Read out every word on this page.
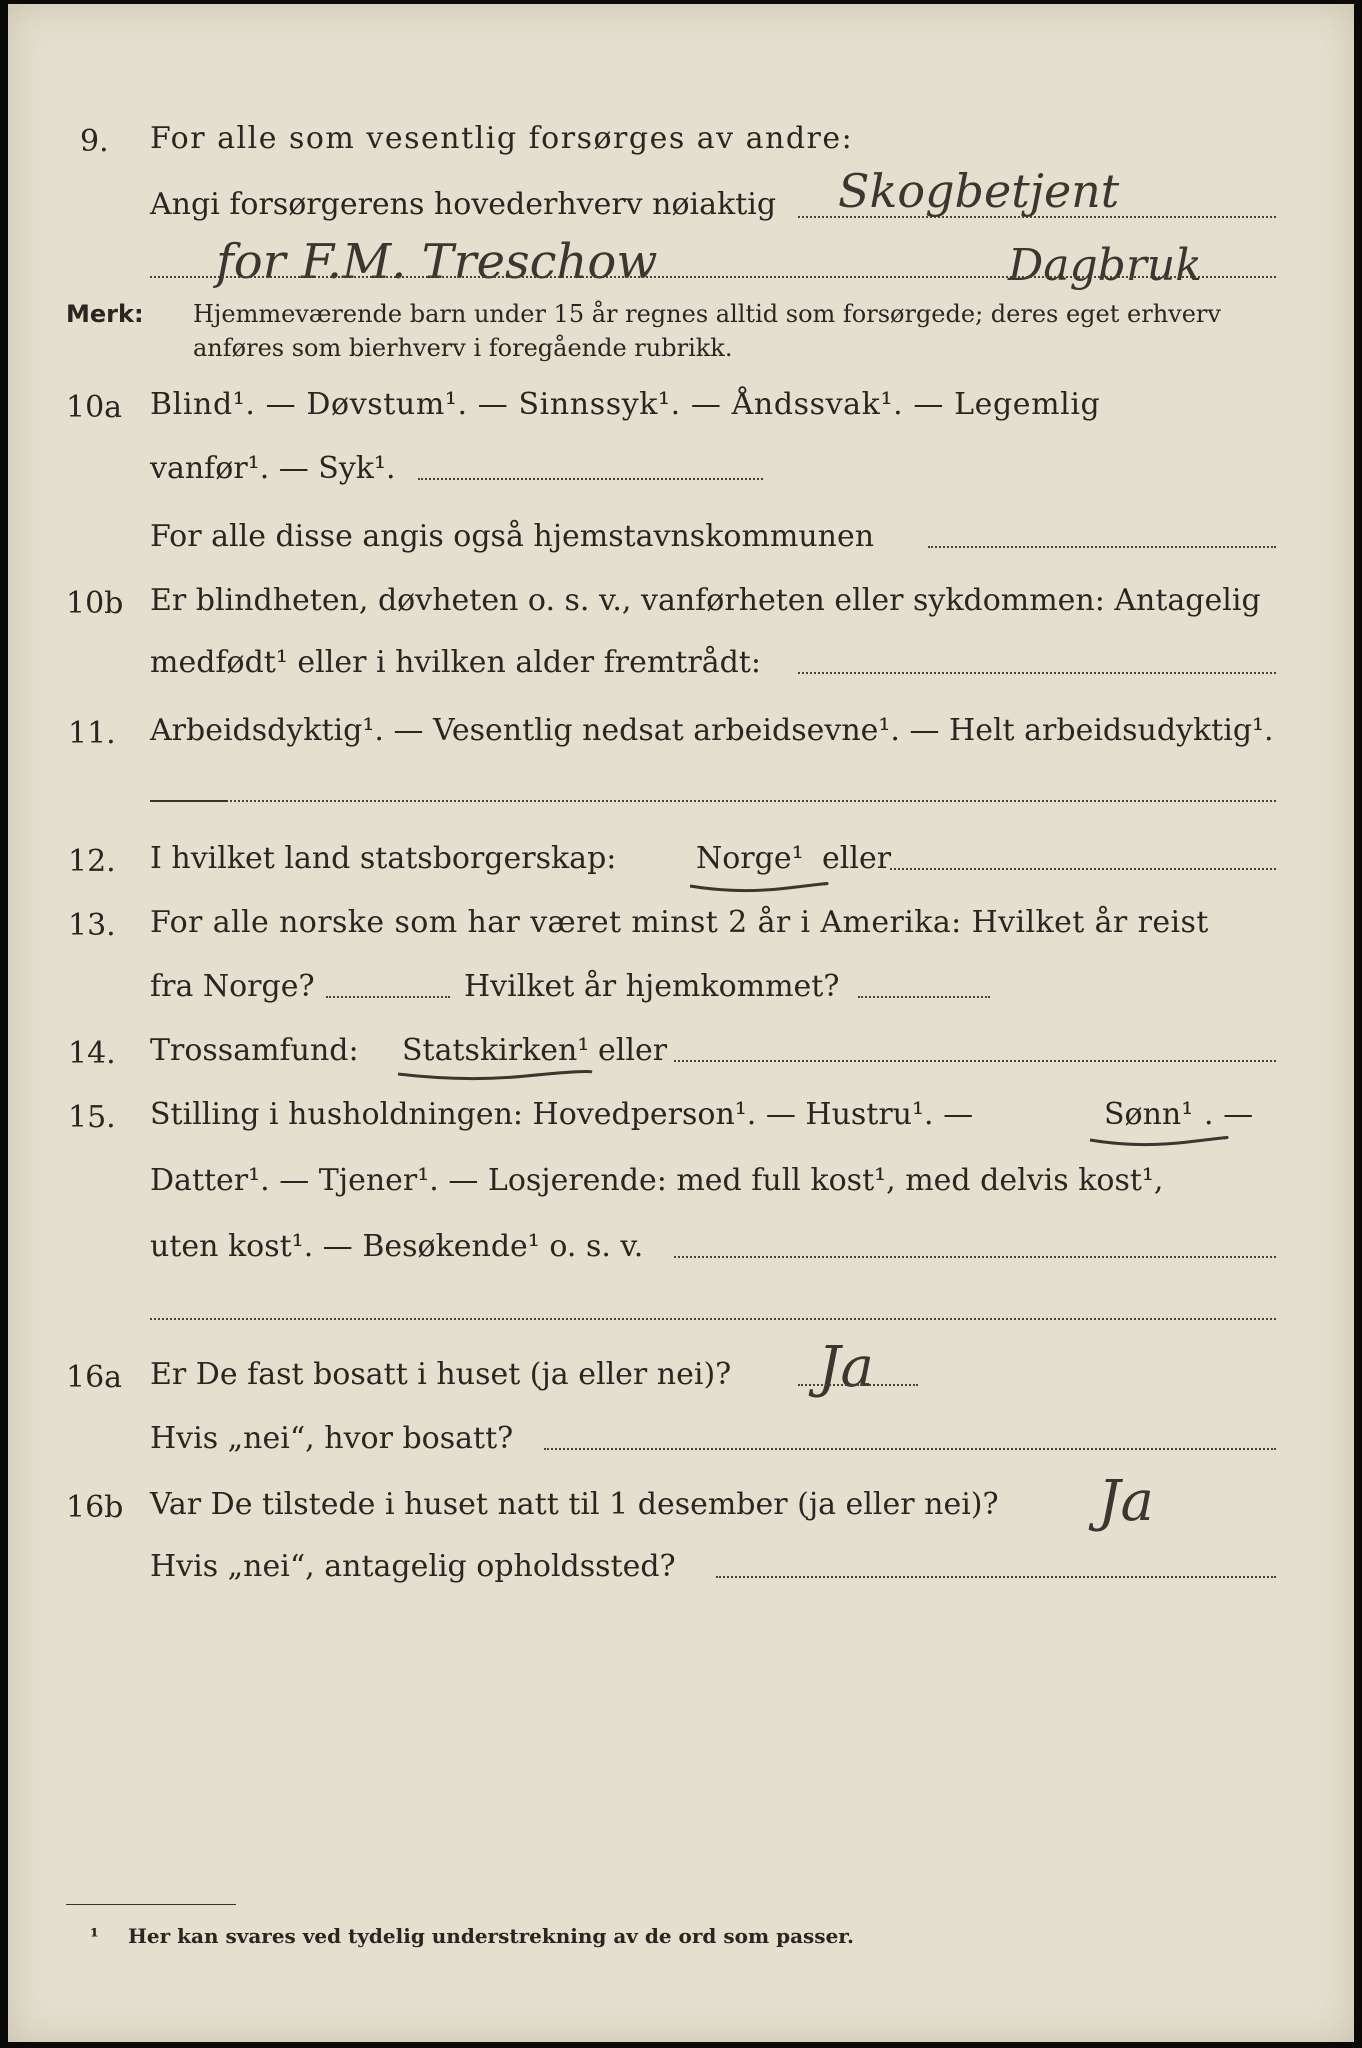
9. For alle som vesentlig forsørges av andre:
Angi forsørgerens hovederhverv nøiaktig Skogbetjent
for F.M. Treschow	Dagbruk
Merk: Hjemmeværende barn under 15 år regnes alltid som forsørgede; deres eget erhverv
anføres som bierhverv i foregående rubrikk.
10a Blind¹. — Døvstum¹. — Sinnssyk¹. — Åndssvak¹. — Legemlig
vanfør¹. — Syk¹.
For alle disse angis også hjemstavnskommunen
10b Er blindheten, døvheten o. s. v., vanførheten eller sykdommen: Antagelig
medfødt¹ eller i hvilken alder fremtrådt:
11. Arbeidsdyktig¹. — Vesentlig nedsat arbeidsevne¹. — Helt arbeidsudyktig¹.
12. I hvilket land statsborgerskap:	Norge¹ eller
13. For alle norske som har været minst 2 år i Amerika: Hvilket år reist
fra Norge?	Hvilket år hjemkommet?
14. Trossamfund: Statskirken¹ eller
15. Stilling i husholdningen: Hovedperson¹. — Hustru¹. —	Sønn¹ . —
Datter¹. — Tjener¹. — Losjerende: med full kost¹, med delvis kost¹,
uten kost¹. — Besøkende¹ o. s. v.
16a Er De fast bosatt i huset (ja eller nei)? Ja
Hvis „nei“, hvor bosatt?
16b Var De tilstede i huset natt til 1 desember (ja eller nei)? Ja
Hvis „nei“, antagelig opholdssted?
¹ Her kan svares ved tydelig understrekning av de ord som passer.
